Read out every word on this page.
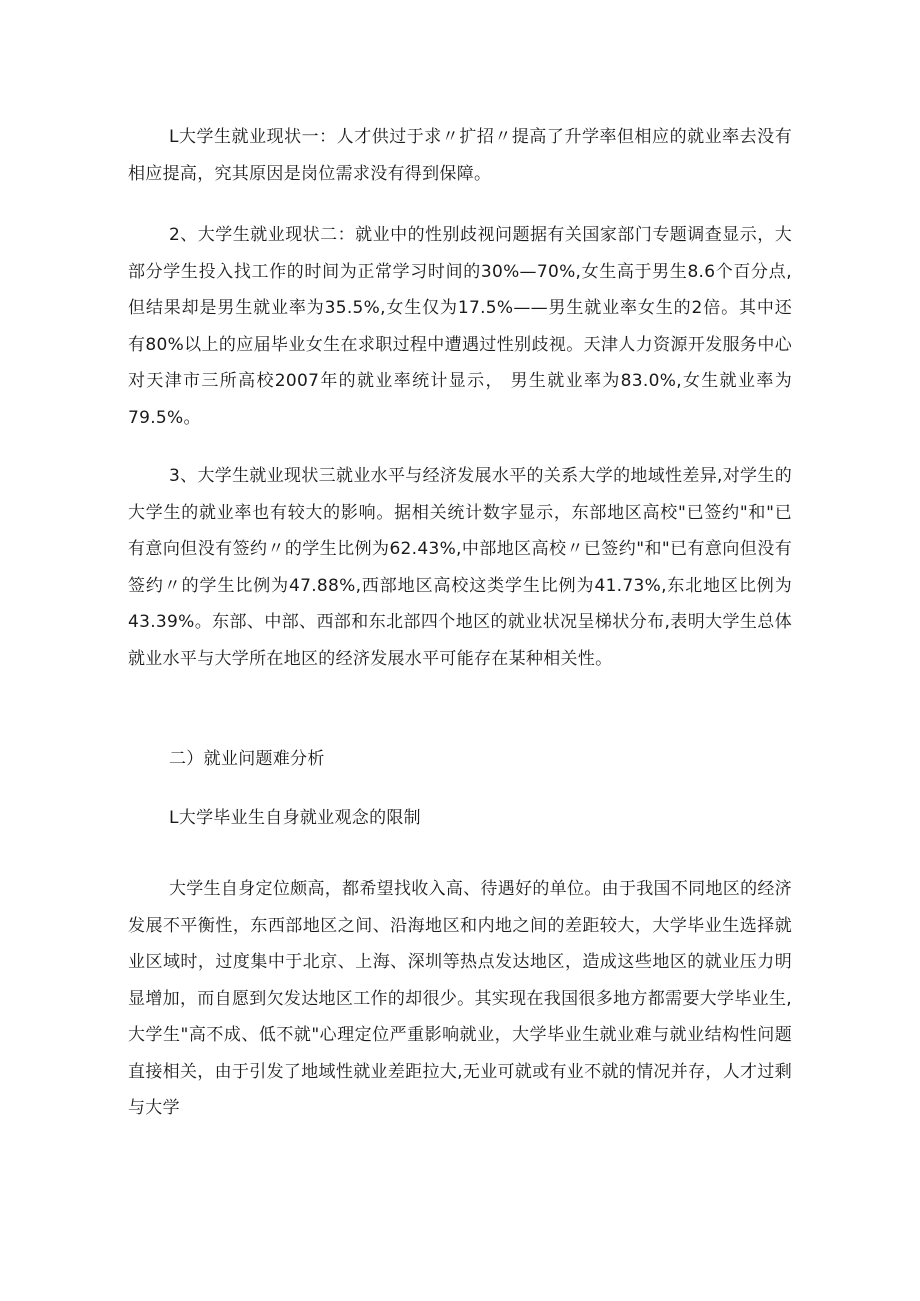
L大学生就业现状一：人才供过于求〃扩招〃提高了升学率但相应的就业率去没有相应提高，究其原因是岗位需求没有得到保障。

2、大学生就业现状二：就业中的性别歧视问题据有关国家部门专题调查显示，大部分学生投入找工作的时间为正常学习时间的30%—70%,女生高于男生8.6个百分点,但结果却是男生就业率为35.5%,女生仅为17.5%——男生就业率女生的2倍。其中还有80%以上的应届毕业女生在求职过程中遭遇过性别歧视。天津人力资源开发服务中心对天津市三所高校2007年的就业率统计显示， 男生就业率为83.0%,女生就业率为79.5%。

3、大学生就业现状三就业水平与经济发展水平的关系大学的地域性差异,对学生的大学生的就业率也有较大的影响。据相关统计数字显示，东部地区高校"已签约"和"已有意向但没有签约〃的学生比例为62.43%,中部地区高校〃已签约"和"已有意向但没有签约〃的学生比例为47.88%,西部地区高校这类学生比例为41.73%,东北地区比例为43.39%。东部、中部、西部和东北部四个地区的就业状况呈梯状分布,表明大学生总体就业水平与大学所在地区的经济发展水平可能存在某种相关性。

二）就业问题难分析

L大学毕业生自身就业观念的限制

大学生自身定位颇高，都希望找收入高、待遇好的单位。由于我国不同地区的经济发展不平衡性，东西部地区之间、沿海地区和内地之间的差距较大，大学毕业生选择就业区域时，过度集中于北京、上海、深圳等热点发达地区，造成这些地区的就业压力明显增加，而自愿到欠发达地区工作的却很少。其实现在我国很多地方都需要大学毕业生,大学生"高不成、低不就"心理定位严重影响就业，大学毕业生就业难与就业结构性问题直接相关，由于引发了地域性就业差距拉大,无业可就或有业不就的情况并存，人才过剩与大学
